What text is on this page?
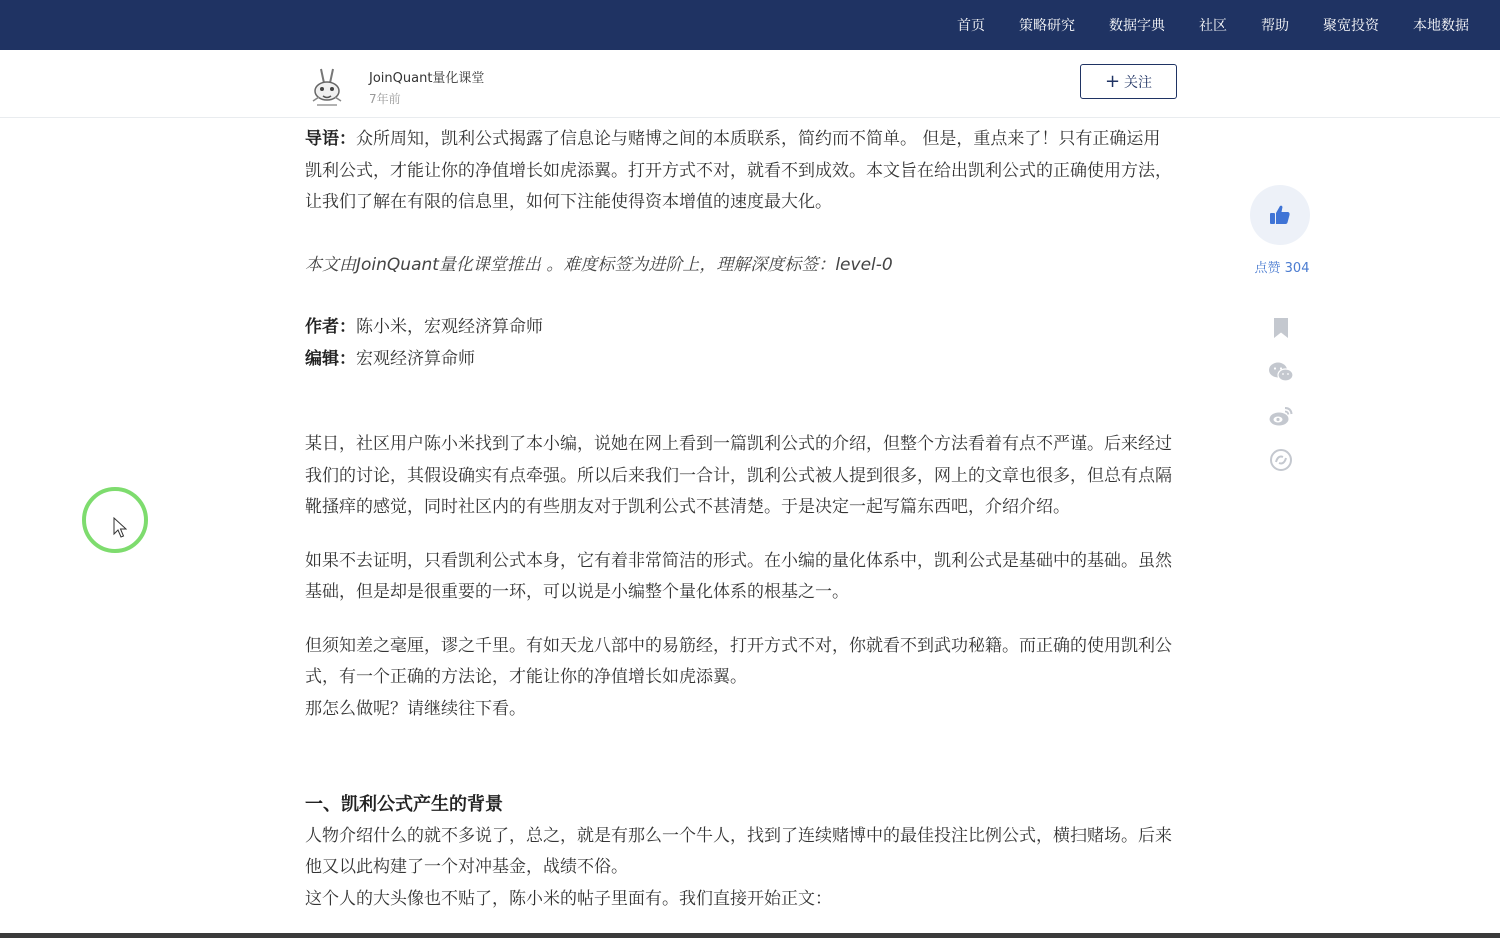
首页 策略研究 数据字典 社区 帮助 聚宽投资 本地数据
JoinQuant量化课堂
7年前
+ 关注

导语：众所周知，凯利公式揭露了信息论与赌博之间的本质联系，简约而不简单。 但是，重点来了！只有正确运用凯利公式，才能让你的净值增长如虎添翼。打开方式不对，就看不到成效。本文旨在给出凯利公式的正确使用方法，让我们了解在有限的信息里，如何下注能使得资本增值的速度最大化。

本文由JoinQuant量化课堂推出 。难度标签为进阶上，理解深度标签：level-0

作者：陈小米，宏观经济算命师

编辑：宏观经济算命师

某日，社区用户陈小米找到了本小编，说她在网上看到一篇凯利公式的介绍，但整个方法看着有点不严谨。后来经过我们的讨论，其假设确实有点牵强。所以后来我们一合计，凯利公式被人提到很多，网上的文章也很多，但总有点隔靴搔痒的感觉，同时社区内的有些朋友对于凯利公式不甚清楚。于是决定一起写篇东西吧，介绍介绍。

如果不去证明，只看凯利公式本身，它有着非常简洁的形式。在小编的量化体系中，凯利公式是基础中的基础。虽然基础，但是却是很重要的一环，可以说是小编整个量化体系的根基之一。

但须知差之毫厘，谬之千里。有如天龙八部中的易筋经，打开方式不对，你就看不到武功秘籍。而正确的使用凯利公式，有一个正确的方法论，才能让你的净值增长如虎添翼。

那怎么做呢？请继续往下看。

一、凯利公式产生的背景

人物介绍什么的就不多说了，总之，就是有那么一个牛人，找到了连续赌博中的最佳投注比例公式，横扫赌场。后来他又以此构建了一个对冲基金，战绩不俗。

这个人的大头像也不贴了，陈小米的帖子里面有。我们直接开始正文：

点赞 304
